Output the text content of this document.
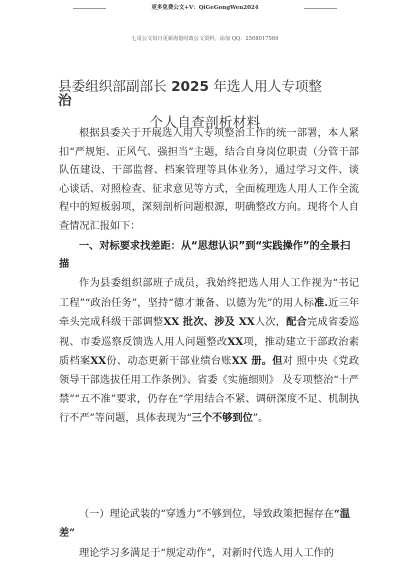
更多免费公文+V：QiGeGongWen2024
七哥公文每日更新海量时政公文资料，添加 QQ：2508017569
县委组织部副部长 2025 年选人用人专项整
治
个人自查剖析材料
根据县委关于开展选人用人专项整治工作的统一部署，本人紧扣“严规矩、正风气、强担当”主题，结合自身岗位职责（分管干部队伍建设、干部监督、档案管理等具体业务），通过学习文件、谈心谈话、对照检查、征求意见等方式，全面梳理选人用人工作全流程中的短板弱项，深刻剖析问题根源，明确整改方向。现将个人自查情况汇报如下：
一、对标要求找差距：从“思想认识”到“实践操作”的全景扫描
作为县委组织部班子成员，我始终把选人用人工作视为“书记工程”“政治任务”，坚持“德才兼备、以德为先”的用人标准.近三年牵头完成科级干部调整XX 批次、涉及 XX人次，配合完成省委巡视、市委巡察反馈选人用人问题整改XX项，推动建立干部政治素质档案XX份、动态更新干部业绩台账XX 册。但对 照中央《党政领导干部选拔任用工作条例》、省委《实施细则》 及专项整治“十严禁”“五不准”要求，仍存在“学用结合不紧、调研深度不足、机制执行不严”等问题，具体表现为“三个不够到位”。
（一）理论武装的“穿透力”不够到位，导致政策把握存在“温差”
理论学习多满足于“规定动作”，对新时代选人用人工作的
